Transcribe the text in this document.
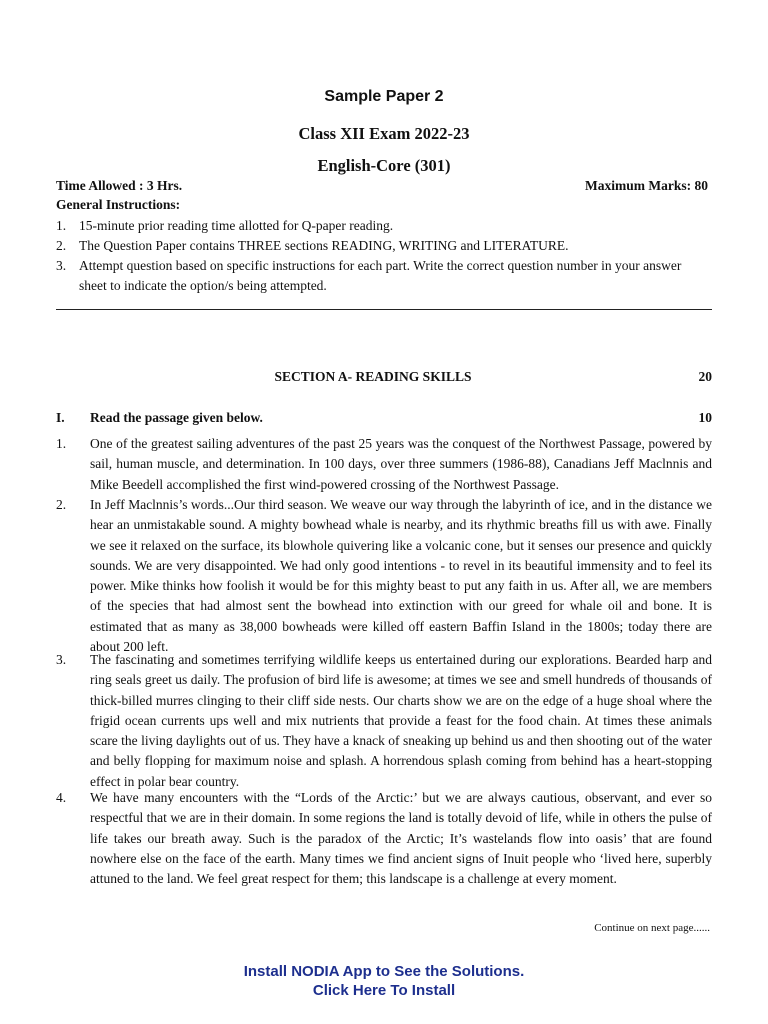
Sample Paper 2
Class XII Exam 2022-23
English-Core (301)
Time Allowed : 3 Hrs.	Maximum Marks: 80
General Instructions:
1. 15-minute prior reading time allotted for Q-paper reading.
2. The Question Paper contains THREE sections READING, WRITING and LITERATURE.
3. Attempt question based on specific instructions for each part. Write the correct question number in your answer sheet to indicate the option/s being attempted.
SECTION A- READING SKILLS	20
I. Read the passage given below.	10
1.	One of the greatest sailing adventures of the past 25 years was the conquest of the Northwest Passage, powered by sail, human muscle, and determination. In 100 days, over three summers (1986-88), Canadians Jeff Maclnnis and Mike Beedell accomplished the first wind-powered crossing of the Northwest Passage.
2.	In Jeff Maclnnis’s words...Our third season. We weave our way through the labyrinth of ice, and in the distance we hear an unmistakable sound. A mighty bowhead whale is nearby, and its rhythmic breaths fill us with awe. Finally we see it relaxed on the surface, its blowhole quivering like a volcanic cone, but it senses our presence and quickly sounds. We are very disappointed. We had only good intentions - to revel in its beautiful immensity and to feel its power. Mike thinks how foolish it would be for this mighty beast to put any faith in us. After all, we are members of the species that had almost sent the bowhead into extinction with our greed for whale oil and bone. It is estimated that as many as 38,000 bowheads were killed off eastern Baffin Island in the 1800s; today there are about 200 left.
3.	The fascinating and sometimes terrifying wildlife keeps us entertained during our explorations. Bearded harp and ring seals greet us daily. The profusion of bird life is awesome; at times we see and smell hundreds of thousands of thick-billed murres clinging to their cliff side nests. Our charts show we are on the edge of a huge shoal where the frigid ocean currents ups well and mix nutrients that provide a feast for the food chain. At times these animals scare the living daylights out of us. They have a knack of sneaking up behind us and then shooting out of the water and belly flopping for maximum noise and splash. A horrendous splash coming from behind has a heart-stopping effect in polar bear country.
4.	We have many encounters with the “Lords of the Arctic:’ but we are always cautious, observant, and ever so respectful that we are in their domain. In some regions the land is totally devoid of life, while in others the pulse of life takes our breath away. Such is the paradox of the Arctic; It’s wastelands flow into oasis’ that are found nowhere else on the face of the earth. Many times we find ancient signs of Inuit people who ‘lived here, superbly attuned to the land. We feel great respect for them; this landscape is a challenge at every moment.
Continue on next page......
Install NODIA App to See the Solutions.
Click Here To Install
